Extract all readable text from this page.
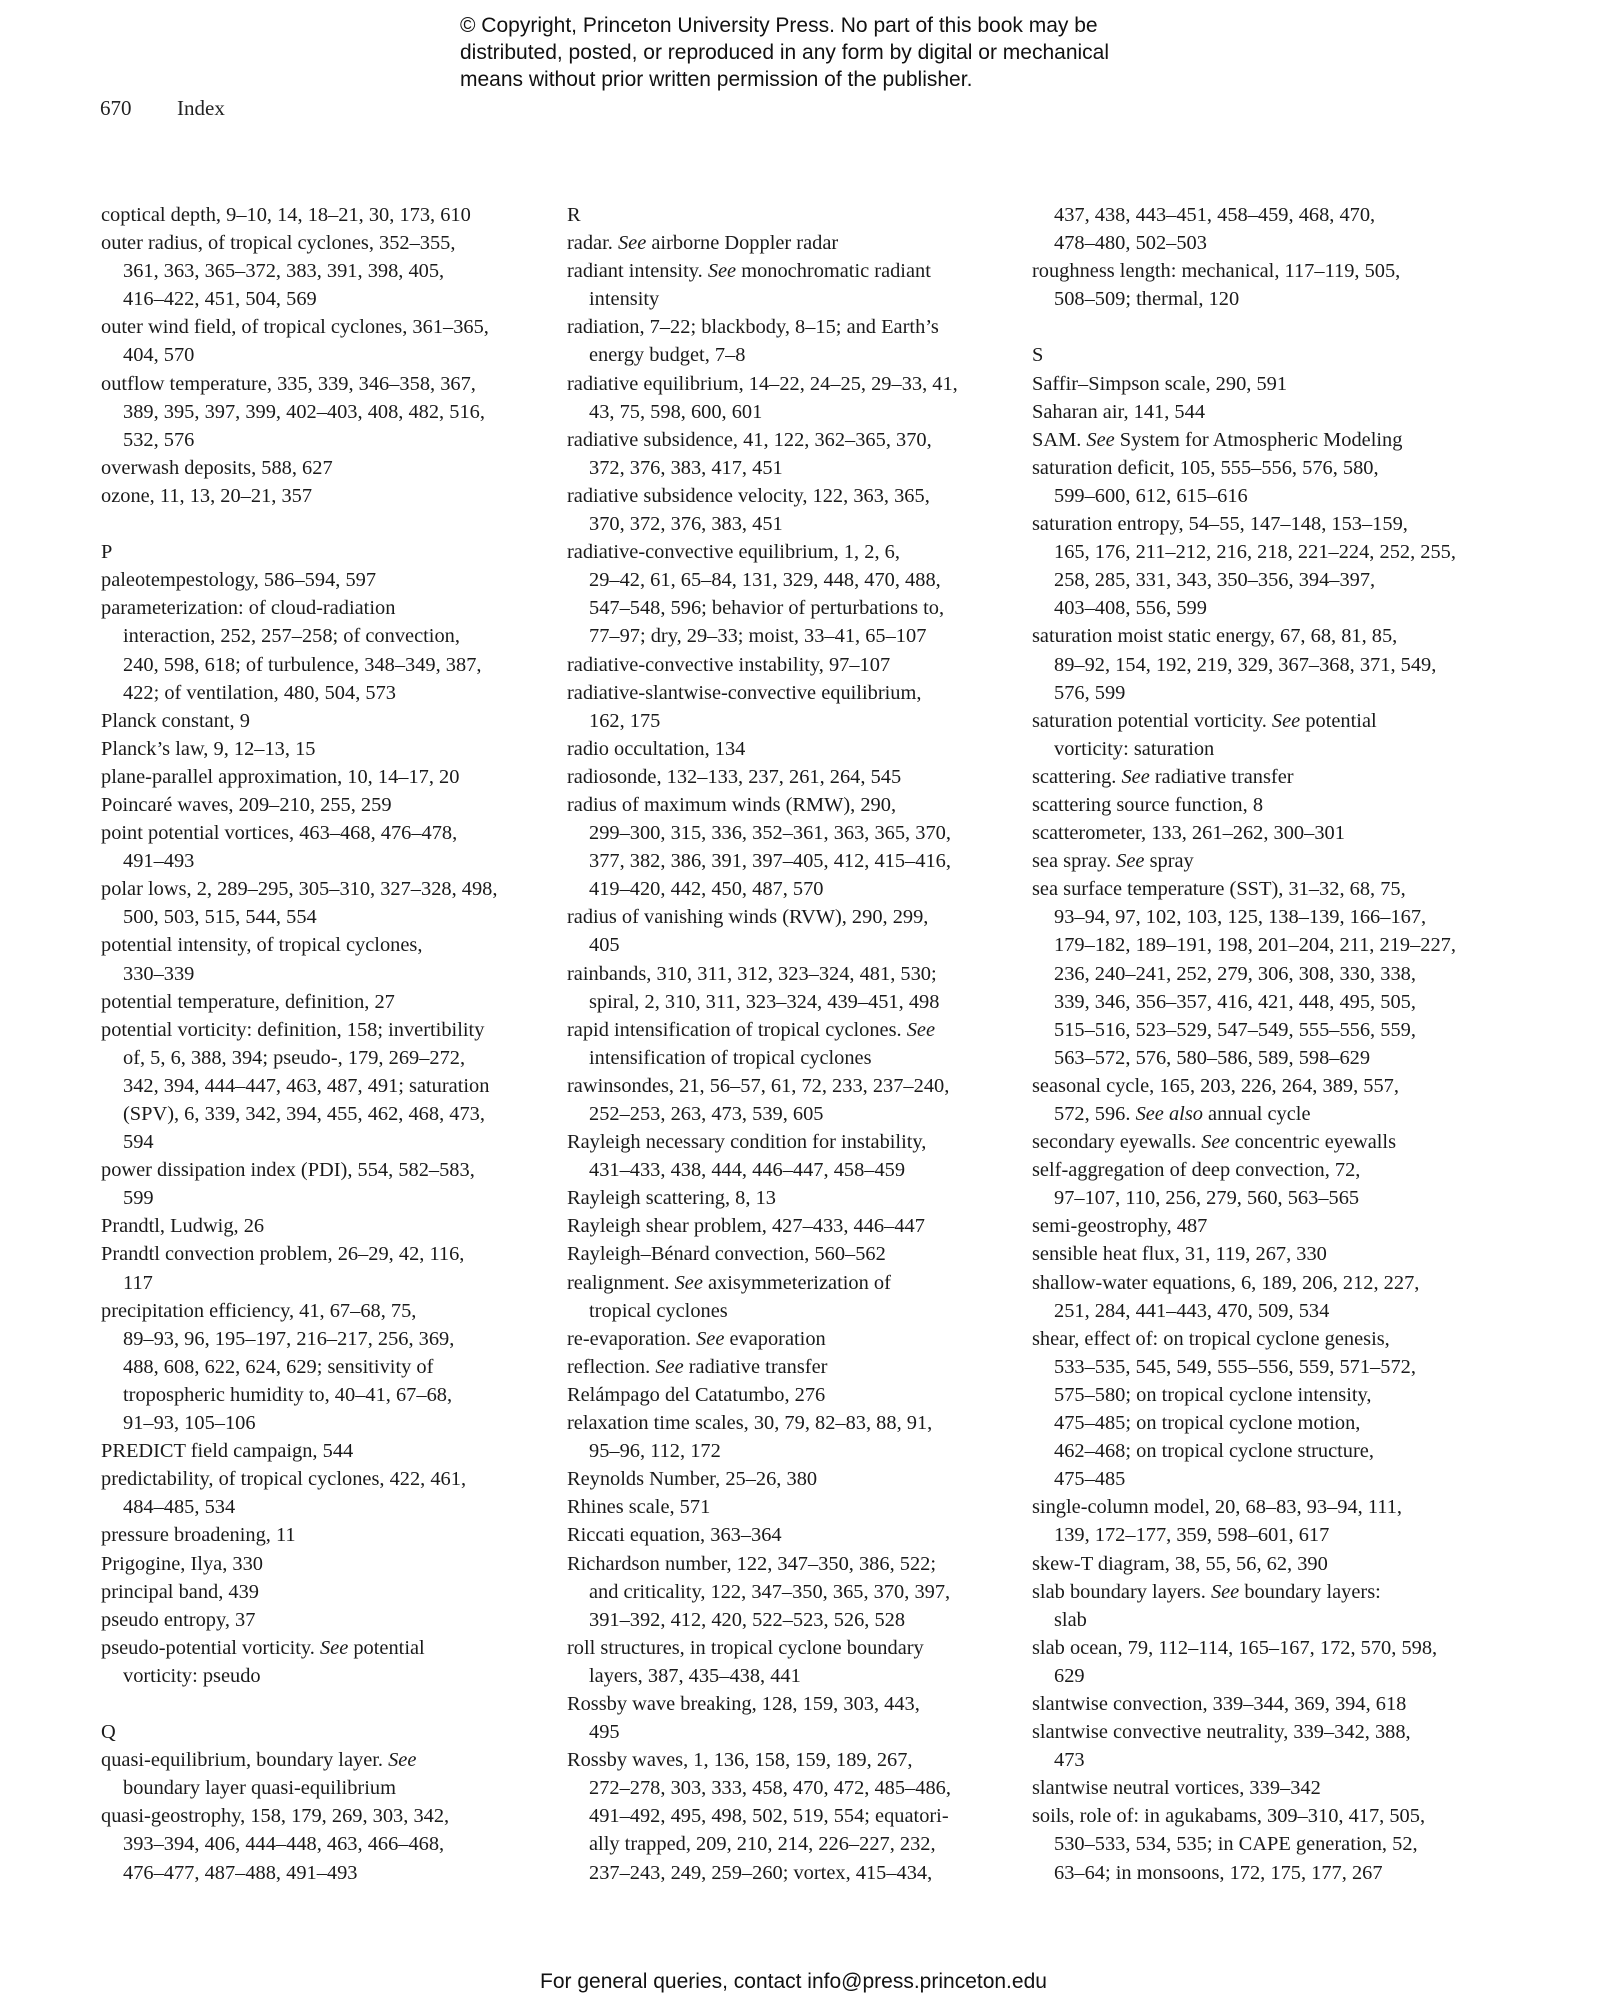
© Copyright, Princeton University Press. No part of this book may be
distributed, posted, or reproduced in any form by digital or mechanical
means without prior written permission of the publisher.
670 Index
coptical depth, 9–10, 14, 18–21, 30, 173, 610
outer radius, of tropical cyclones, 352–355,
361, 363, 365–372, 383, 391, 398, 405,
416–422, 451, 504, 569
outer wind field, of tropical cyclones, 361–365,
404, 570
outflow temperature, 335, 339, 346–358, 367,
389, 395, 397, 399, 402–403, 408, 482, 516,
532, 576
overwash deposits, 588, 627
ozone, 11, 13, 20–21, 357
P
paleotempestology, 586–594, 597
parameterization: of cloud-radiation
interaction, 252, 257–258; of convection,
240, 598, 618; of turbulence, 348–349, 387,
422; of ventilation, 480, 504, 573
Planck constant, 9
Planck’s law, 9, 12–13, 15
plane-parallel approximation, 10, 14–17, 20
Poincaré waves, 209–210, 255, 259
point potential vortices, 463–468, 476–478,
491–493
polar lows, 2, 289–295, 305–310, 327–328, 498,
500, 503, 515, 544, 554
potential intensity, of tropical cyclones,
330–339
potential temperature, definition, 27
potential vorticity: definition, 158; invertibility
of, 5, 6, 388, 394; pseudo-, 179, 269–272,
342, 394, 444–447, 463, 487, 491; saturation
(SPV), 6, 339, 342, 394, 455, 462, 468, 473,
594
power dissipation index (PDI), 554, 582–583,
599
Prandtl, Ludwig, 26
Prandtl convection problem, 26–29, 42, 116,
117
precipitation efficiency, 41, 67–68, 75,
89–93, 96, 195–197, 216–217, 256, 369,
488, 608, 622, 624, 629; sensitivity of
tropospheric humidity to, 40–41, 67–68,
91–93, 105–106
PREDICT field campaign, 544
predictability, of tropical cyclones, 422, 461,
484–485, 534
pressure broadening, 11
Prigogine, Ilya, 330
principal band, 439
pseudo entropy, 37
pseudo-potential vorticity. See potential
vorticity: pseudo
Q
quasi-equilibrium, boundary layer. See
boundary layer quasi-equilibrium
quasi-geostrophy, 158, 179, 269, 303, 342,
393–394, 406, 444–448, 463, 466–468,
476–477, 487–488, 491–493
R
radar. See airborne Doppler radar
radiant intensity. See monochromatic radiant
intensity
radiation, 7–22; blackbody, 8–15; and Earth’s
energy budget, 7–8
radiative equilibrium, 14–22, 24–25, 29–33, 41,
43, 75, 598, 600, 601
radiative subsidence, 41, 122, 362–365, 370,
372, 376, 383, 417, 451
radiative subsidence velocity, 122, 363, 365,
370, 372, 376, 383, 451
radiative-convective equilibrium, 1, 2, 6,
29–42, 61, 65–84, 131, 329, 448, 470, 488,
547–548, 596; behavior of perturbations to,
77–97; dry, 29–33; moist, 33–41, 65–107
radiative-convective instability, 97–107
radiative-slantwise-convective equilibrium,
162, 175
radio occultation, 134
radiosonde, 132–133, 237, 261, 264, 545
radius of maximum winds (RMW), 290,
299–300, 315, 336, 352–361, 363, 365, 370,
377, 382, 386, 391, 397–405, 412, 415–416,
419–420, 442, 450, 487, 570
radius of vanishing winds (RVW), 290, 299,
405
rainbands, 310, 311, 312, 323–324, 481, 530;
spiral, 2, 310, 311, 323–324, 439–451, 498
rapid intensification of tropical cyclones. See
intensification of tropical cyclones
rawinsondes, 21, 56–57, 61, 72, 233, 237–240,
252–253, 263, 473, 539, 605
Rayleigh necessary condition for instability,
431–433, 438, 444, 446–447, 458–459
Rayleigh scattering, 8, 13
Rayleigh shear problem, 427–433, 446–447
Rayleigh–Bénard convection, 560–562
realignment. See axisymmeterization of
tropical cyclones
re-evaporation. See evaporation
reflection. See radiative transfer
Relámpago del Catatumbo, 276
relaxation time scales, 30, 79, 82–83, 88, 91,
95–96, 112, 172
Reynolds Number, 25–26, 380
Rhines scale, 571
Riccati equation, 363–364
Richardson number, 122, 347–350, 386, 522;
and criticality, 122, 347–350, 365, 370, 397,
391–392, 412, 420, 522–523, 526, 528
roll structures, in tropical cyclone boundary
layers, 387, 435–438, 441
Rossby wave breaking, 128, 159, 303, 443,
495
Rossby waves, 1, 136, 158, 159, 189, 267,
272–278, 303, 333, 458, 470, 472, 485–486,
491–492, 495, 498, 502, 519, 554; equatori-
ally trapped, 209, 210, 214, 226–227, 232,
237–243, 249, 259–260; vortex, 415–434,
437, 438, 443–451, 458–459, 468, 470,
478–480, 502–503
roughness length: mechanical, 117–119, 505,
508–509; thermal, 120
S
Saffir–Simpson scale, 290, 591
Saharan air, 141, 544
SAM. See System for Atmospheric Modeling
saturation deficit, 105, 555–556, 576, 580,
599–600, 612, 615–616
saturation entropy, 54–55, 147–148, 153–159,
165, 176, 211–212, 216, 218, 221–224, 252, 255,
258, 285, 331, 343, 350–356, 394–397,
403–408, 556, 599
saturation moist static energy, 67, 68, 81, 85,
89–92, 154, 192, 219, 329, 367–368, 371, 549,
576, 599
saturation potential vorticity. See potential
vorticity: saturation
scattering. See radiative transfer
scattering source function, 8
scatterometer, 133, 261–262, 300–301
sea spray. See spray
sea surface temperature (SST), 31–32, 68, 75,
93–94, 97, 102, 103, 125, 138–139, 166–167,
179–182, 189–191, 198, 201–204, 211, 219–227,
236, 240–241, 252, 279, 306, 308, 330, 338,
339, 346, 356–357, 416, 421, 448, 495, 505,
515–516, 523–529, 547–549, 555–556, 559,
563–572, 576, 580–586, 589, 598–629
seasonal cycle, 165, 203, 226, 264, 389, 557,
572, 596. See also annual cycle
secondary eyewalls. See concentric eyewalls
self-aggregation of deep convection, 72,
97–107, 110, 256, 279, 560, 563–565
semi-geostrophy, 487
sensible heat flux, 31, 119, 267, 330
shallow-water equations, 6, 189, 206, 212, 227,
251, 284, 441–443, 470, 509, 534
shear, effect of: on tropical cyclone genesis,
533–535, 545, 549, 555–556, 559, 571–572,
575–580; on tropical cyclone intensity,
475–485; on tropical cyclone motion,
462–468; on tropical cyclone structure,
475–485
single-column model, 20, 68–83, 93–94, 111,
139, 172–177, 359, 598–601, 617
skew-T diagram, 38, 55, 56, 62, 390
slab boundary layers. See boundary layers:
slab
slab ocean, 79, 112–114, 165–167, 172, 570, 598,
629
slantwise convection, 339–344, 369, 394, 618
slantwise convective neutrality, 339–342, 388,
473
slantwise neutral vortices, 339–342
soils, role of: in agukabams, 309–310, 417, 505,
530–533, 534, 535; in CAPE generation, 52,
63–64; in monsoons, 172, 175, 177, 267
For general queries, contact info@press.princeton.edu
